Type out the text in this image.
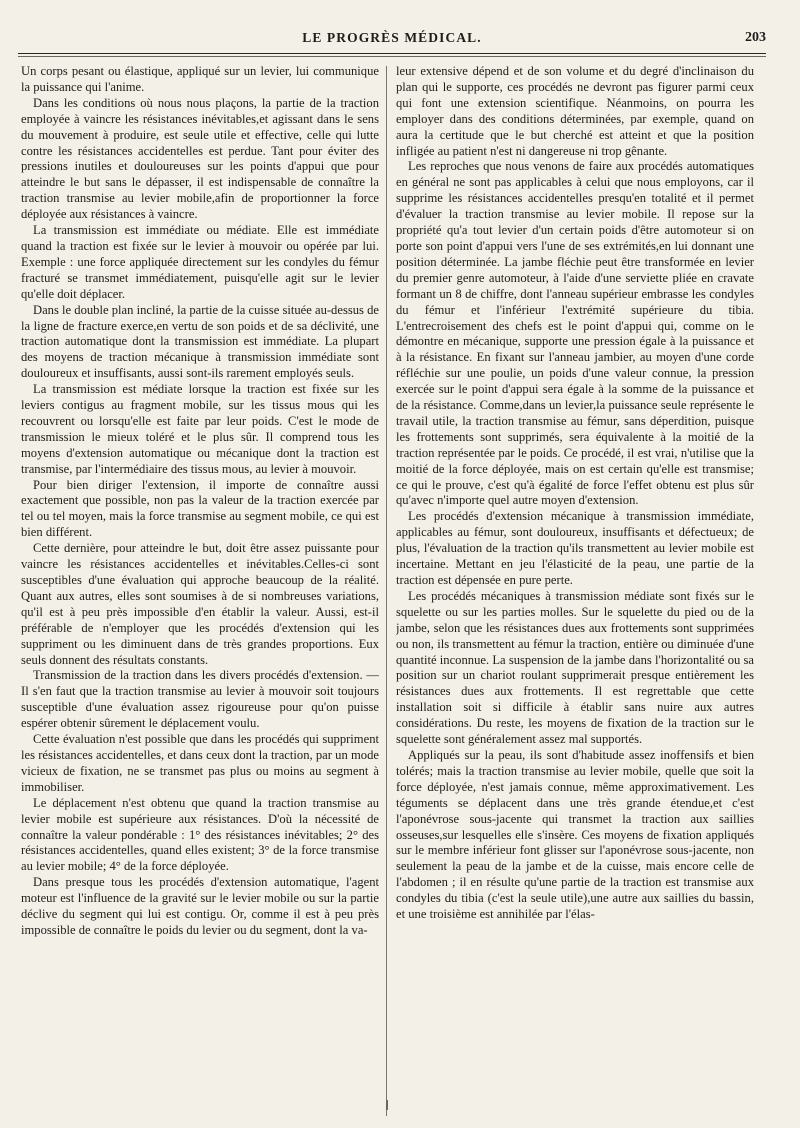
LE PROGRÈS MÉDICAL.	203

Un corps pesant ou élastique, appliqué sur un levier, lui communique la puissance qui l'anime.

Dans les conditions où nous nous plaçons, la partie de la traction employée à vaincre les résistances inévitables,et agissant dans le sens du mouvement à produire, est seule utile et effective, celle qui lutte contre les résistances accidentelles est perdue. Tant pour éviter des pressions inutiles et douloureuses sur les points d'appui que pour atteindre le but sans le dépasser, il est indispensable de connaître la traction transmise au levier mobile,afin de proportionner la force déployée aux résistances à vaincre.

La transmission est immédiate ou médiate. Elle est immédiate quand la traction est fixée sur le levier à mouvoir ou opérée par lui. Exemple : une force appliquée directement sur les condyles du fémur fracturé se transmet immédiatement, puisqu'elle agit sur le levier qu'elle doit déplacer.

Dans le double plan incliné, la partie de la cuisse située au-dessus de la ligne de fracture exerce,en vertu de son poids et de sa déclivité, une traction automatique dont la transmission est immédiate. La plupart des moyens de traction mécanique à transmission immédiate sont douloureux et insuffisants, aussi sont-ils rarement employés seuls.

La transmission est médiate lorsque la traction est fixée sur les leviers contigus au fragment mobile, sur les tissus mous qui les recouvrent ou lorsqu'elle est faite par leur poids. C'est le mode de transmission le mieux toléré et le plus sûr. Il comprend tous les moyens d'extension automatique ou mécanique dont la traction est transmise, par l'intermédiaire des tissus mous, au levier à mouvoir.

Pour bien diriger l'extension, il importe de connaître aussi exactement que possible, non pas la valeur de la traction exercée par tel ou tel moyen, mais la force transmise au segment mobile, ce qui est bien différent.

Cette dernière, pour atteindre le but, doit être assez puissante pour vaincre les résistances accidentelles et inévitables.Celles-ci sont susceptibles d'une évaluation qui approche beaucoup de la réalité. Quant aux autres, elles sont soumises à de si nombreuses variations, qu'il est à peu près impossible d'en établir la valeur. Aussi, est-il préférable de n'employer que les procédés d'extension qui les suppriment ou les diminuent dans de très grandes proportions. Eux seuls donnent des résultats constants.

Transmission de la traction dans les divers procédés d'extension. — Il s'en faut que la traction transmise au levier à mouvoir soit toujours susceptible d'une évaluation assez rigoureuse pour qu'on puisse espérer obtenir sûrement le déplacement voulu.

Cette évaluation n'est possible que dans les procédés qui suppriment les résistances accidentelles, et dans ceux dont la traction, par un mode vicieux de fixation, ne se transmet pas plus ou moins au segment à immobiliser.

Le déplacement n'est obtenu que quand la traction transmise au levier mobile est supérieure aux résistances. D'où la nécessité de connaître la valeur pondérable : 1° des résistances inévitables; 2° des résistances accidentelles, quand elles existent; 3° de la force transmise au levier mobile; 4° de la force déployée.

Dans presque tous les procédés d'extension automatique, l'agent moteur est l'influence de la gravité sur le levier mobile ou sur la partie déclive du segment qui lui est contigu. Or, comme il est à peu près impossible de connaître le poids du levier ou du segment, dont la va-

leur extensive dépend et de son volume et du degré d'inclinaison du plan qui le supporte, ces procédés ne devront pas figurer parmi ceux qui font une extension scientifique. Néanmoins, on pourra les employer dans des conditions déterminées, par exemple, quand on aura la certitude que le but cherché est atteint et que la position infligée au patient n'est ni dangereuse ni trop gênante.

Les reproches que nous venons de faire aux procédés automatiques en général ne sont pas applicables à celui que nous employons, car il supprime les résistances accidentelles presqu'en totalité et il permet d'évaluer la traction transmise au levier mobile. Il repose sur la propriété qu'a tout levier d'un certain poids d'être automoteur si on porte son point d'appui vers l'une de ses extrémités,en lui donnant une position déterminée. La jambe fléchie peut être transformée en levier du premier genre automoteur, à l'aide d'une serviette pliée en cravate formant un 8 de chiffre, dont l'anneau supérieur embrasse les condyles du fémur et l'inférieur l'extrémité supérieure du tibia. L'entrecroisement des chefs est le point d'appui qui, comme on le démontre en mécanique, supporte une pression égale à la puissance et à la résistance. En fixant sur l'anneau jambier, au moyen d'une corde réfléchie sur une poulie, un poids d'une valeur connue, la pression exercée sur le point d'appui sera égale à la somme de la puissance et de la résistance. Comme,dans un levier,la puissance seule représente le travail utile, la traction transmise au fémur, sans déperdition, puisque les frottements sont supprimés, sera équivalente à la moitié de la traction représentée par le poids. Ce procédé, il est vrai, n'utilise que la moitié de la force déployée, mais on est certain qu'elle est transmise; ce qui le prouve, c'est qu'à égalité de force l'effet obtenu est plus sûr qu'avec n'importe quel autre moyen d'extension.

Les procédés d'extension mécanique à transmission immédiate, applicables au fémur, sont douloureux, insuffisants et défectueux; de plus, l'évaluation de la traction qu'ils transmettent au levier mobile est incertaine. Mettant en jeu l'élasticité de la peau, une partie de la traction est dépensée en pure perte.

Les procédés mécaniques à transmission médiate sont fixés sur le squelette ou sur les parties molles. Sur le squelette du pied ou de la jambe, selon que les résistances dues aux frottements sont supprimées ou non, ils transmettent au fémur la traction, entière ou diminuée d'une quantité inconnue. La suspension de la jambe dans l'horizontalité ou sa position sur un chariot roulant supprimerait presque entièrement les résistances dues aux frottements. Il est regrettable que cette installation soit si difficile à établir sans nuire aux autres considérations. Du reste, les moyens de fixation de la traction sur le squelette sont généralement assez mal supportés.

Appliqués sur la peau, ils sont d'habitude assez inoffensifs et bien tolérés; mais la traction transmise au levier mobile, quelle que soit la force déployée, n'est jamais connue, même approximativement. Les téguments se déplacent dans une très grande étendue,et c'est l'aponévrose sous-jacente qui transmet la traction aux saillies osseuses,sur lesquelles elle s'insère. Ces moyens de fixation appliqués sur le membre inférieur font glisser sur l'aponévrose sous-jacente, non seulement la peau de la jambe et de la cuisse, mais encore celle de l'abdomen ; il en résulte qu'une partie de la traction est transmise aux condyles du tibia (c'est la seule utile),une autre aux saillies du bassin, et une troisième est annihilée par l'élas-
